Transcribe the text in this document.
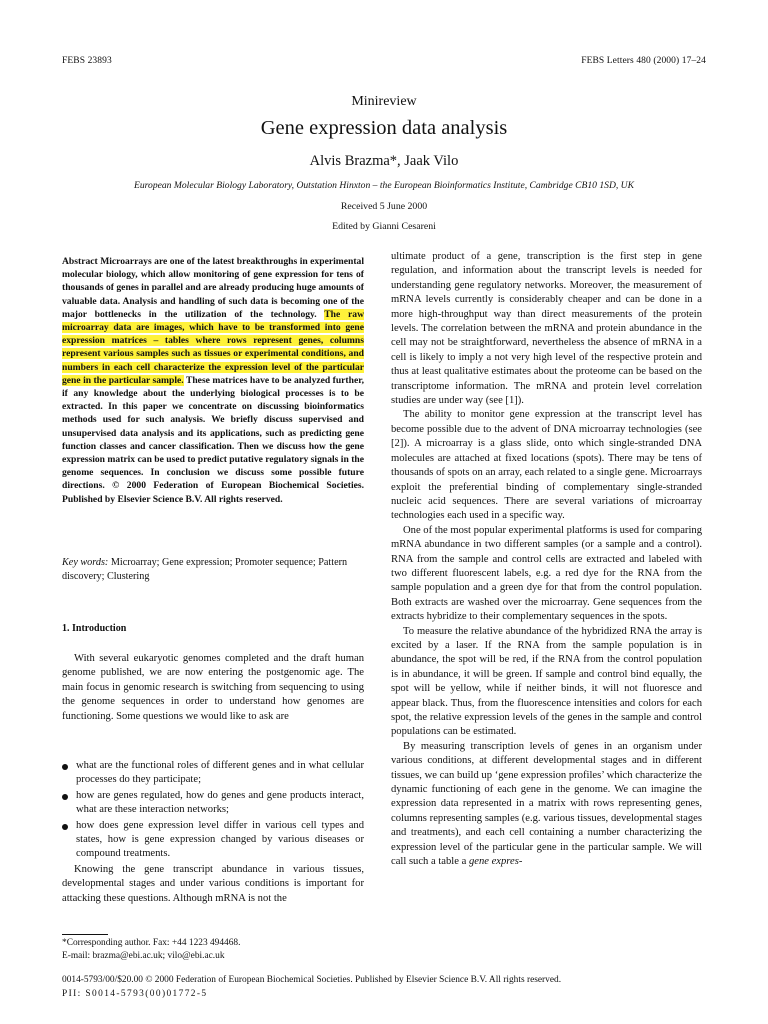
FEBS 23893	FEBS Letters 480 (2000) 17–24
Minireview
Gene expression data analysis
Alvis Brazma*, Jaak Vilo
European Molecular Biology Laboratory, Outstation Hinxton – the European Bioinformatics Institute, Cambridge CB10 1SD, UK
Received 5 June 2000
Edited by Gianni Cesareni
Abstract Microarrays are one of the latest breakthroughs in experimental molecular biology, which allow monitoring of gene expression for tens of thousands of genes in parallel and are already producing huge amounts of valuable data. Analysis and handling of such data is becoming one of the major bottlenecks in the utilization of the technology. The raw microarray data are images, which have to be transformed into gene expression matrices – tables where rows represent genes, columns represent various samples such as tissues or experimental conditions, and numbers in each cell characterize the expression level of the particular gene in the particular sample. These matrices have to be analyzed further, if any knowledge about the underlying biological processes is to be extracted. In this paper we concentrate on discussing bioinformatics methods used for such analysis. We briefly discuss supervised and unsupervised data analysis and its applications, such as predicting gene function classes and cancer classification. Then we discuss how the gene expression matrix can be used to predict putative regulatory signals in the genome sequences. In conclusion we discuss some possible future directions. © 2000 Federation of European Biochemical Societies. Published by Elsevier Science B.V. All rights reserved.
Key words: Microarray; Gene expression; Promoter sequence; Pattern discovery; Clustering
1. Introduction

With several eukaryotic genomes completed and the draft human genome published, we are now entering the postgenomic age. The main focus in genomic research is switching from sequencing to using the genome sequences in order to understand how genomes are functioning. Some questions we would like to ask are

what are the functional roles of different genes and in what cellular processes do they participate;
how are genes regulated, how do genes and gene products interact, what are these interaction networks;
how does gene expression level differ in various cell types and states, how is gene expression changed by various diseases or compound treatments.

Knowing the gene transcript abundance in various tissues, developmental stages and under various conditions is important for attacking these questions. Although mRNA is not the

ultimate product of a gene, transcription is the first step in gene regulation, and information about the transcript levels is needed for understanding gene regulatory networks. Moreover, the measurement of mRNA levels currently is considerably cheaper and can be done in a more high-throughput way than direct measurements of the protein levels. The correlation between the mRNA and protein abundance in the cell may not be straightforward, nevertheless the absence of mRNA in a cell is likely to imply a not very high level of the respective protein and thus at least qualitative estimates about the proteome can be based on the transcriptome information. The mRNA and protein level correlation studies are under way (see [1]).

The ability to monitor gene expression at the transcript level has become possible due to the advent of DNA microarray technologies (see [2]). A microarray is a glass slide, onto which single-stranded DNA molecules are attached at fixed locations (spots). There may be tens of thousands of spots on an array, each related to a single gene. Microarrays exploit the preferential binding of complementary single-stranded nucleic acid sequences. There are several variations of microarray technologies each used in a specific way.

One of the most popular experimental platforms is used for comparing mRNA abundance in two different samples (or a sample and a control). RNA from the sample and control cells are extracted and labeled with two different fluorescent labels, e.g. a red dye for the RNA from the sample population and a green dye for that from the control population. Both extracts are washed over the microarray. Gene sequences from the extracts hybridize to their complementary sequences in the spots.

To measure the relative abundance of the hybridized RNA the array is excited by a laser. If the RNA from the sample population is in abundance, the spot will be red, if the RNA from the control population is in abundance, it will be green. If sample and control bind equally, the spot will be yellow, while if neither binds, it will not fluoresce and appear black. Thus, from the fluorescence intensities and colors for each spot, the relative expression levels of the genes in the sample and control populations can be estimated.

By measuring transcription levels of genes in an organism under various conditions, at different developmental stages and in different tissues, we can build up ‘gene expression profiles’ which characterize the dynamic functioning of each gene in the genome. We can imagine the expression data represented in a matrix with rows representing genes, columns representing samples (e.g. various tissues, developmental stages and treatments), and each cell containing a number characterizing the expression level of the particular gene in the particular sample. We will call such a table a gene expres-

*Corresponding author. Fax: +44 1223 494468.
E-mail: brazma@ebi.ac.uk; vilo@ebi.ac.uk
0014-5793/00/$20.00 © 2000 Federation of European Biochemical Societies. Published by Elsevier Science B.V. All rights reserved.
PII: S0014-5793(00)01772-5
